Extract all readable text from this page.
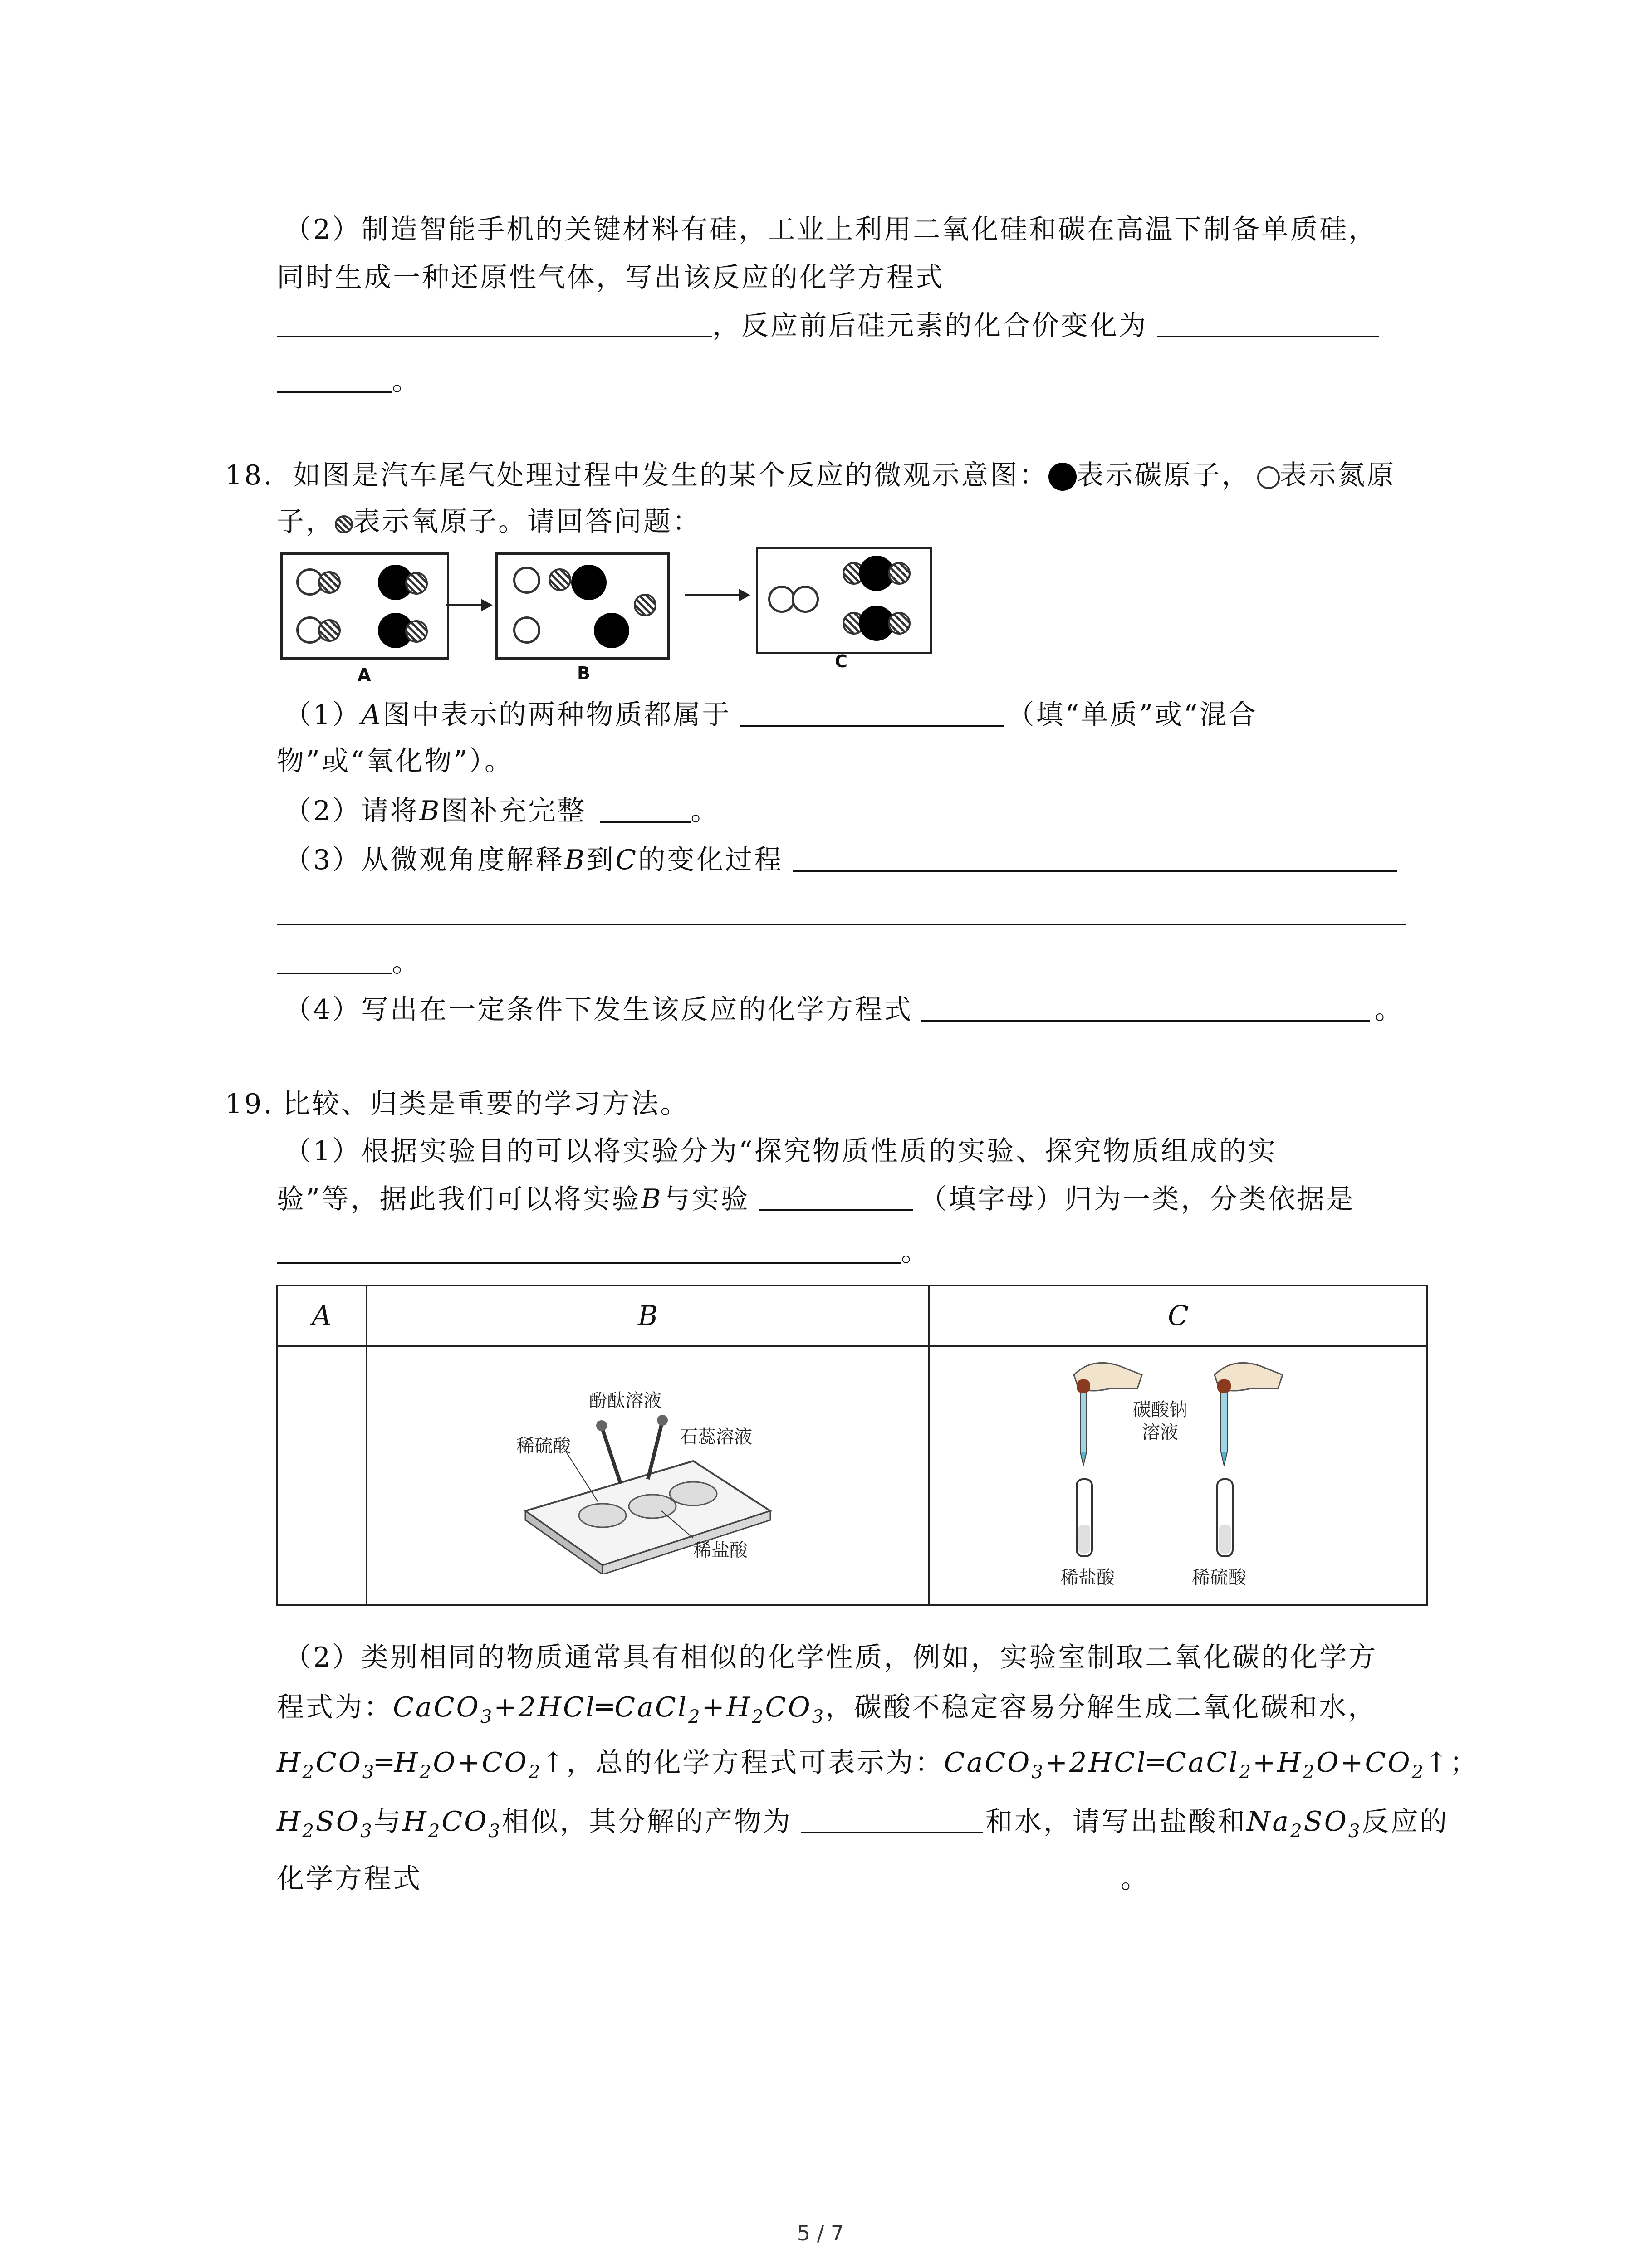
（2）制造智能手机的关键材料有硅，工业上利用二氧化硅和碳在高温下制备单质硅，
同时生成一种还原性气体，写出该反应的化学方程式
，反应前后硅元素的化合价变化为
。
18. 如图是汽车尾气处理过程中发生的某个反应的微观示意图： 表示碳原子， 表示氮原
子， 表示氧原子。请回答问题：
A	B
C
（1）A图中表示的两种物质都属于	（填“单质”或“混合
物”或“氧化物”）。
（2）请将B图补充完整	。
（3）从微观角度解释B到C的变化过程
。
（4）写出在一定条件下发生该反应的化学方程式	。
19. 比较、归类是重要的学习方法。
（1）根据实验目的可以将实验分为“探究物质性质的实验、探究物质组成的实
验”等，据此我们可以将实验B与实验	（填字母）归为一类，分类依据是
。
A	B	C

酚酞溶液
石蕊溶液
稀硫酸
稀盐酸	碳酸钠
溶液
稀盐酸 稀硫酸
（2）类别相同的物质通常具有相似的化学性质，例如，实验室制取二氧化碳的化学方
程式为：$CaCO_3+2HCl═CaCl_2+H_2CO_3$，碳酸不稳定容易分解生成二氧化碳和水，
$H_2CO_3═H_2O+CO_2↑$，总的化学方程式可表示为：$CaCO_3+2HCl═CaCl_2+H_2O+CO_2↑$；
$H_2SO_3$与$H_2CO_3$相似，其分解的产物为	和水，请写出盐酸和$Na_2SO_3$反应的
化学方程式	。
5 / 7
